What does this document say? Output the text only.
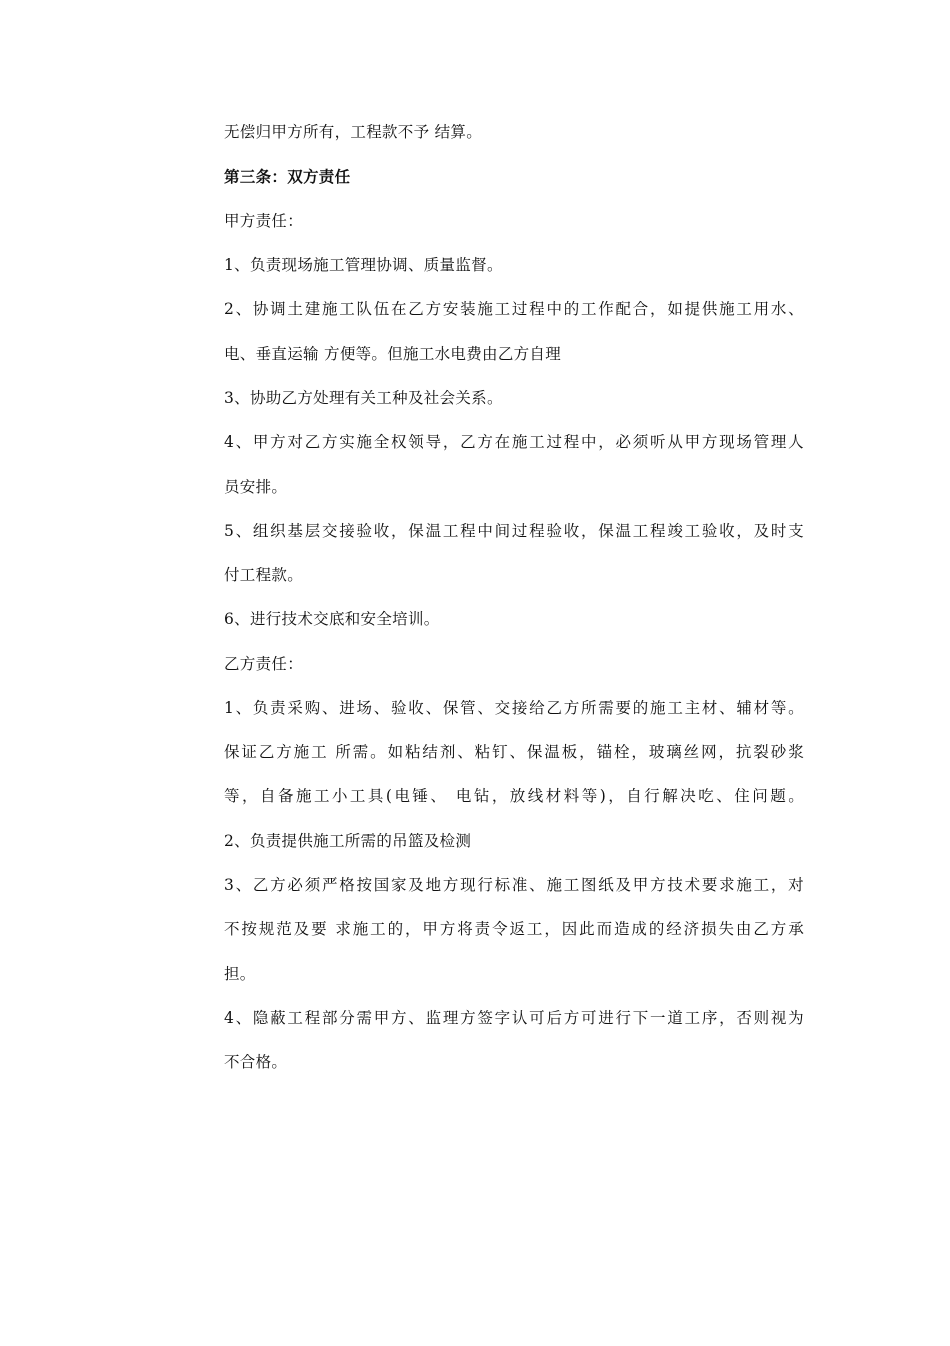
无偿归甲方所有，工程款不予 结算。
第三条：双方责任
甲方责任：
1、负责现场施工管理协调、质量监督。
2、协调土建施工队伍在乙方安装施工过程中的工作配合，如提供施工用水、
电、垂直运输 方便等。但施工水电费由乙方自理
3、协助乙方处理有关工种及社会关系。
4、甲方对乙方实施全权领导，乙方在施工过程中，必须听从甲方现场管理人
员安排。
5、组织基层交接验收，保温工程中间过程验收，保温工程竣工验收，及时支
付工程款。
6、进行技术交底和安全培训。
乙方责任：
1、负责采购、进场、验收、保管、交接给乙方所需要的施工主材、辅材等。
保证乙方施工 所需。如粘结剂、粘钉、保温板，锚栓，玻璃丝网，抗裂砂浆
等，自备施工小工具(电锤、 电钻，放线材料等)，自行解决吃、住问题。
2、负责提供施工所需的吊篮及检测
3、乙方必须严格按国家及地方现行标准、施工图纸及甲方技术要求施工，对
不按规范及要 求施工的，甲方将责令返工，因此而造成的经济损失由乙方承
担。
4、隐蔽工程部分需甲方、监理方签字认可后方可进行下一道工序，否则视为
不合格。
